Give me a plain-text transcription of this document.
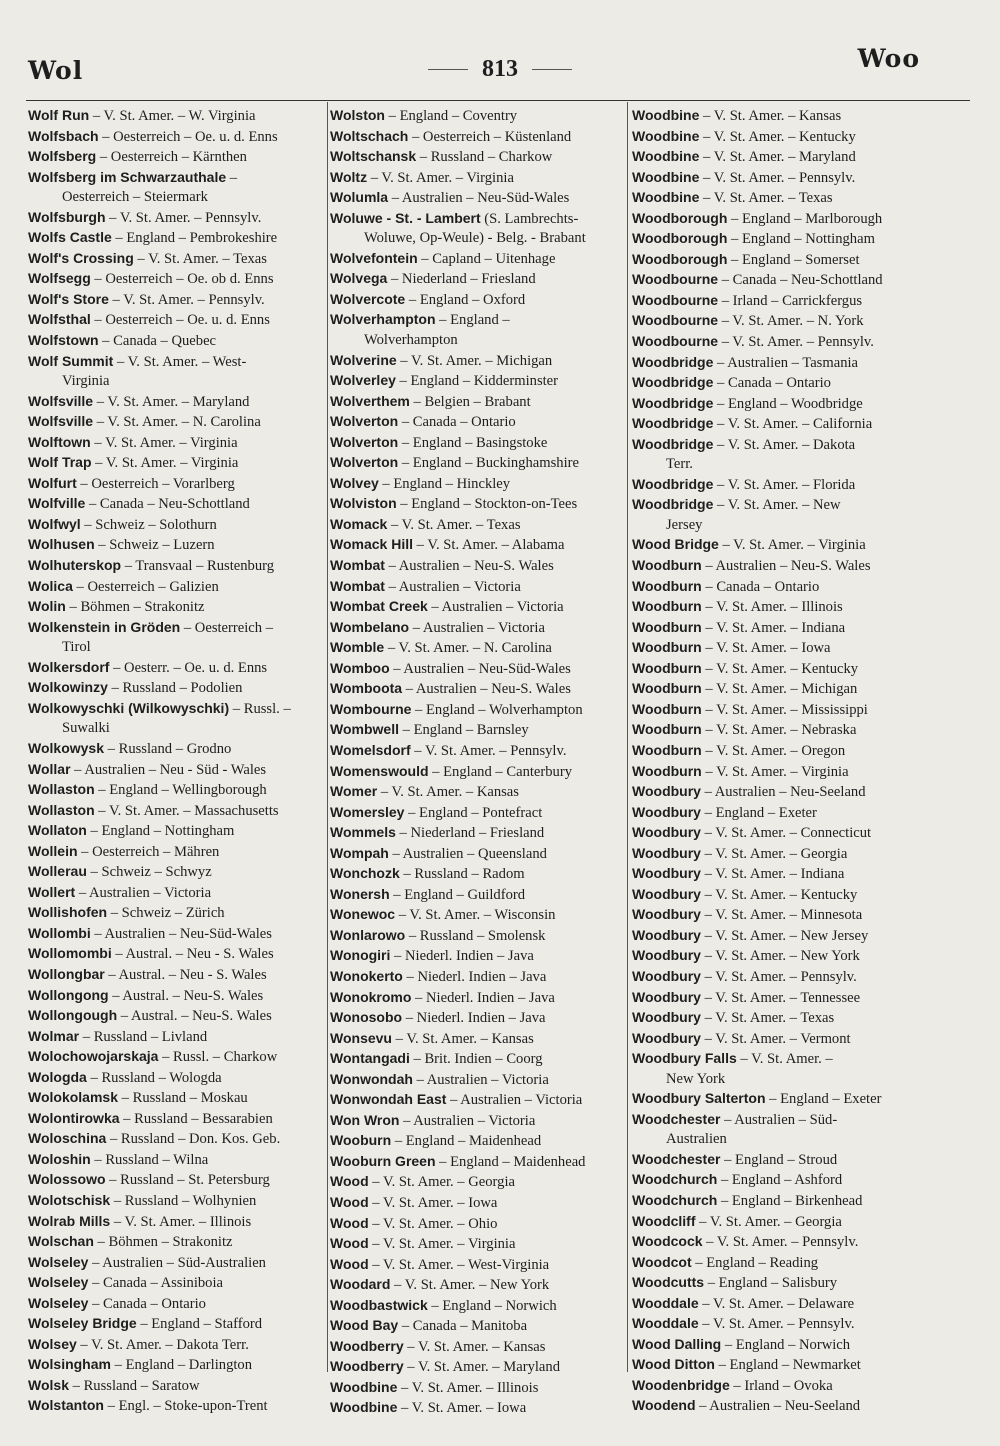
Wol	813	Woo
Wolf Run – V. St. Amer. – W. Virginia
Wolfsbach – Oesterreich – Oe. u. d. Enns
Wolfsberg – Oesterreich – Kärnthen
Wolfsberg im Schwarzauthale –
Oesterreich – Steiermark
Wolfsburgh – V. St. Amer. – Pennsylv.
Wolfs Castle – England – Pembrokeshire
Wolf's Crossing – V. St. Amer. – Texas
Wolfsegg – Oesterreich – Oe. ob d. Enns
Wolf's Store – V. St. Amer. – Pennsylv.
Wolfsthal – Oesterreich – Oe. u. d. Enns
Wolfstown – Canada – Quebec
Wolf Summit – V. St. Amer. – West-
Virginia
Wolfsville – V. St. Amer. – Maryland
Wolfsville – V. St. Amer. – N. Carolina
Wolftown – V. St. Amer. – Virginia
Wolf Trap – V. St. Amer. – Virginia
Wolfurt – Oesterreich – Vorarlberg
Wolfville – Canada – Neu-Schottland
Wolfwyl – Schweiz – Solothurn
Wolhusen – Schweiz – Luzern
Wolhuterskop – Transvaal – Rustenburg
Wolica – Oesterreich – Galizien
Wolin – Böhmen – Strakonitz
Wolkenstein in Gröden – Oesterreich –
Tirol
Wolkersdorf – Oesterr. – Oe. u. d. Enns
Wolkowinzy – Russland – Podolien
Wolkowyschki (Wilkowyschki) – Russl. –
Suwalki
Wolkowysk – Russland – Grodno
Wollar – Australien – Neu - Süd - Wales
Wollaston – England – Wellingborough
Wollaston – V. St. Amer. – Massachusetts
Wollaton – England – Nottingham
Wollein – Oesterreich – Mähren
Wollerau – Schweiz – Schwyz
Wollert – Australien – Victoria
Wollishofen – Schweiz – Zürich
Wollombi – Australien – Neu-Süd-Wales
Wollomombi – Austral. – Neu - S. Wales
Wollongbar – Austral. – Neu - S. Wales
Wollongong – Austral. – Neu-S. Wales
Wollongough – Austral. – Neu-S. Wales
Wolmar – Russland – Livland
Wolochowojarskaja – Russl. – Charkow
Wologda – Russland – Wologda
Wolokolamsk – Russland – Moskau
Wolontirowka – Russland – Bessarabien
Woloschina – Russland – Don. Kos. Geb.
Woloshin – Russland – Wilna
Wolossowo – Russland – St. Petersburg
Wolotschisk – Russland – Wolhynien
Wolrab Mills – V. St. Amer. – Illinois
Wolschan – Böhmen – Strakonitz
Wolseley – Australien – Süd-Australien
Wolseley – Canada – Assiniboia
Wolseley – Canada – Ontario
Wolseley Bridge – England – Stafford
Wolsey – V. St. Amer. – Dakota Terr.
Wolsingham – England – Darlington
Wolsk – Russland – Saratow
Wolstanton – Engl. – Stoke-upon-Trent
Wolston – England – Coventry
Woltschach – Oesterreich – Küstenland
Woltschansk – Russland – Charkow
Woltz – V. St. Amer. – Virginia
Wolumla – Australien – Neu-Süd-Wales
Woluwe - St. - Lambert (S. Lambrechts-
Woluwe, Op-Weule) - Belg. - Brabant
Wolvefontein – Capland – Uitenhage
Wolvega – Niederland – Friesland
Wolvercote – England – Oxford
Wolverhampton – England –
Wolverhampton
Wolverine – V. St. Amer. – Michigan
Wolverley – England – Kidderminster
Wolverthem – Belgien – Brabant
Wolverton – Canada – Ontario
Wolverton – England – Basingstoke
Wolverton – England – Buckinghamshire
Wolvey – England – Hinckley
Wolviston – England – Stockton-on-Tees
Womack – V. St. Amer. – Texas
Womack Hill – V. St. Amer. – Alabama
Wombat – Australien – Neu-S. Wales
Wombat – Australien – Victoria
Wombat Creek – Australien – Victoria
Wombelano – Australien – Victoria
Womble – V. St. Amer. – N. Carolina
Womboo – Australien – Neu-Süd-Wales
Womboota – Australien – Neu-S. Wales
Wombourne – England – Wolverhampton
Wombwell – England – Barnsley
Womelsdorf – V. St. Amer. – Pennsylv.
Womenswould – England – Canterbury
Womer – V. St. Amer. – Kansas
Womersley – England – Pontefract
Wommels – Niederland – Friesland
Wompah – Australien – Queensland
Wonchozk – Russland – Radom
Wonersh – England – Guildford
Wonewoc – V. St. Amer. – Wisconsin
Wonlarowo – Russland – Smolensk
Wonogiri – Niederl. Indien – Java
Wonokerto – Niederl. Indien – Java
Wonokromo – Niederl. Indien – Java
Wonosobo – Niederl. Indien – Java
Wonsevu – V. St. Amer. – Kansas
Wontangadi – Brit. Indien – Coorg
Wonwondah – Australien – Victoria
Wonwondah East – Australien – Victoria
Won Wron – Australien – Victoria
Wooburn – England – Maidenhead
Wooburn Green – England – Maidenhead
Wood – V. St. Amer. – Georgia
Wood – V. St. Amer. – Iowa
Wood – V. St. Amer. – Ohio
Wood – V. St. Amer. – Virginia
Wood – V. St. Amer. – West-Virginia
Woodard – V. St. Amer. – New York
Woodbastwick – England – Norwich
Wood Bay – Canada – Manitoba
Woodberry – V. St. Amer. – Kansas
Woodberry – V. St. Amer. – Maryland
Woodbine – V. St. Amer. – Illinois
Woodbine – V. St. Amer. – Iowa
Woodbine – V. St. Amer. – Kansas
Woodbine – V. St. Amer. – Kentucky
Woodbine – V. St. Amer. – Maryland
Woodbine – V. St. Amer. – Pennsylv.
Woodbine – V. St. Amer. – Texas
Woodborough – England – Marlborough
Woodborough – England – Nottingham
Woodborough – England – Somerset
Woodbourne – Canada – Neu-Schottland
Woodbourne – Irland – Carrickfergus
Woodbourne – V. St. Amer. – N. York
Woodbourne – V. St. Amer. – Pennsylv.
Woodbridge – Australien – Tasmania
Woodbridge – Canada – Ontario
Woodbridge – England – Woodbridge
Woodbridge – V. St. Amer. – California
Woodbridge – V. St. Amer. – Dakota
Terr.
Woodbridge – V. St. Amer. – Florida
Woodbridge – V. St. Amer. – New
Jersey
Wood Bridge – V. St. Amer. – Virginia
Woodburn – Australien – Neu-S. Wales
Woodburn – Canada – Ontario
Woodburn – V. St. Amer. – Illinois
Woodburn – V. St. Amer. – Indiana
Woodburn – V. St. Amer. – Iowa
Woodburn – V. St. Amer. – Kentucky
Woodburn – V. St. Amer. – Michigan
Woodburn – V. St. Amer. – Mississippi
Woodburn – V. St. Amer. – Nebraska
Woodburn – V. St. Amer. – Oregon
Woodburn – V. St. Amer. – Virginia
Woodbury – Australien – Neu-Seeland
Woodbury – England – Exeter
Woodbury – V. St. Amer. – Connecticut
Woodbury – V. St. Amer. – Georgia
Woodbury – V. St. Amer. – Indiana
Woodbury – V. St. Amer. – Kentucky
Woodbury – V. St. Amer. – Minnesota
Woodbury – V. St. Amer. – New Jersey
Woodbury – V. St. Amer. – New York
Woodbury – V. St. Amer. – Pennsylv.
Woodbury – V. St. Amer. – Tennessee
Woodbury – V. St. Amer. – Texas
Woodbury – V. St. Amer. – Vermont
Woodbury Falls – V. St. Amer. –
New York
Woodbury Salterton – England – Exeter
Woodchester – Australien – Süd-
Australien
Woodchester – England – Stroud
Woodchurch – England – Ashford
Woodchurch – England – Birkenhead
Woodcliff – V. St. Amer. – Georgia
Woodcock – V. St. Amer. – Pennsylv.
Woodcot – England – Reading
Woodcutts – England – Salisbury
Wooddale – V. St. Amer. – Delaware
Wooddale – V. St. Amer. – Pennsylv.
Wood Dalling – England – Norwich
Wood Ditton – England – Newmarket
Woodenbridge – Irland – Ovoka
Woodend – Australien – Neu-Seeland
